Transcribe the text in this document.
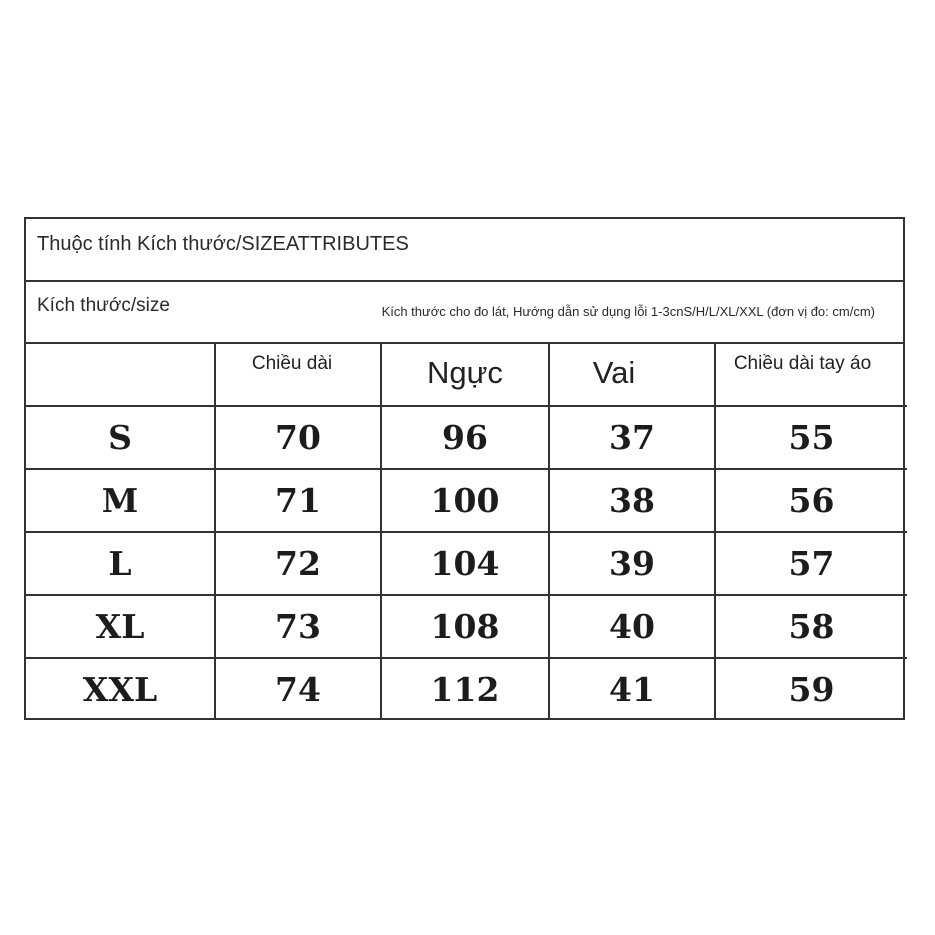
Thuộc tính Kích thước/SIZEATTRIBUTES
Kích thước/size	Kích thước cho đo lát, Hướng dẫn sử dụng lỗi 1-3cnS/H/L/XL/XXL (đơn vị đo: cm/cm)

	Chiều dài	Ngực	Vai	Chiều dài tay áo

S	70	96	37	55
M	71	100	38	56
L	72	104	39	57
XL	73	108	40	58
XXL	74	112	41	59
